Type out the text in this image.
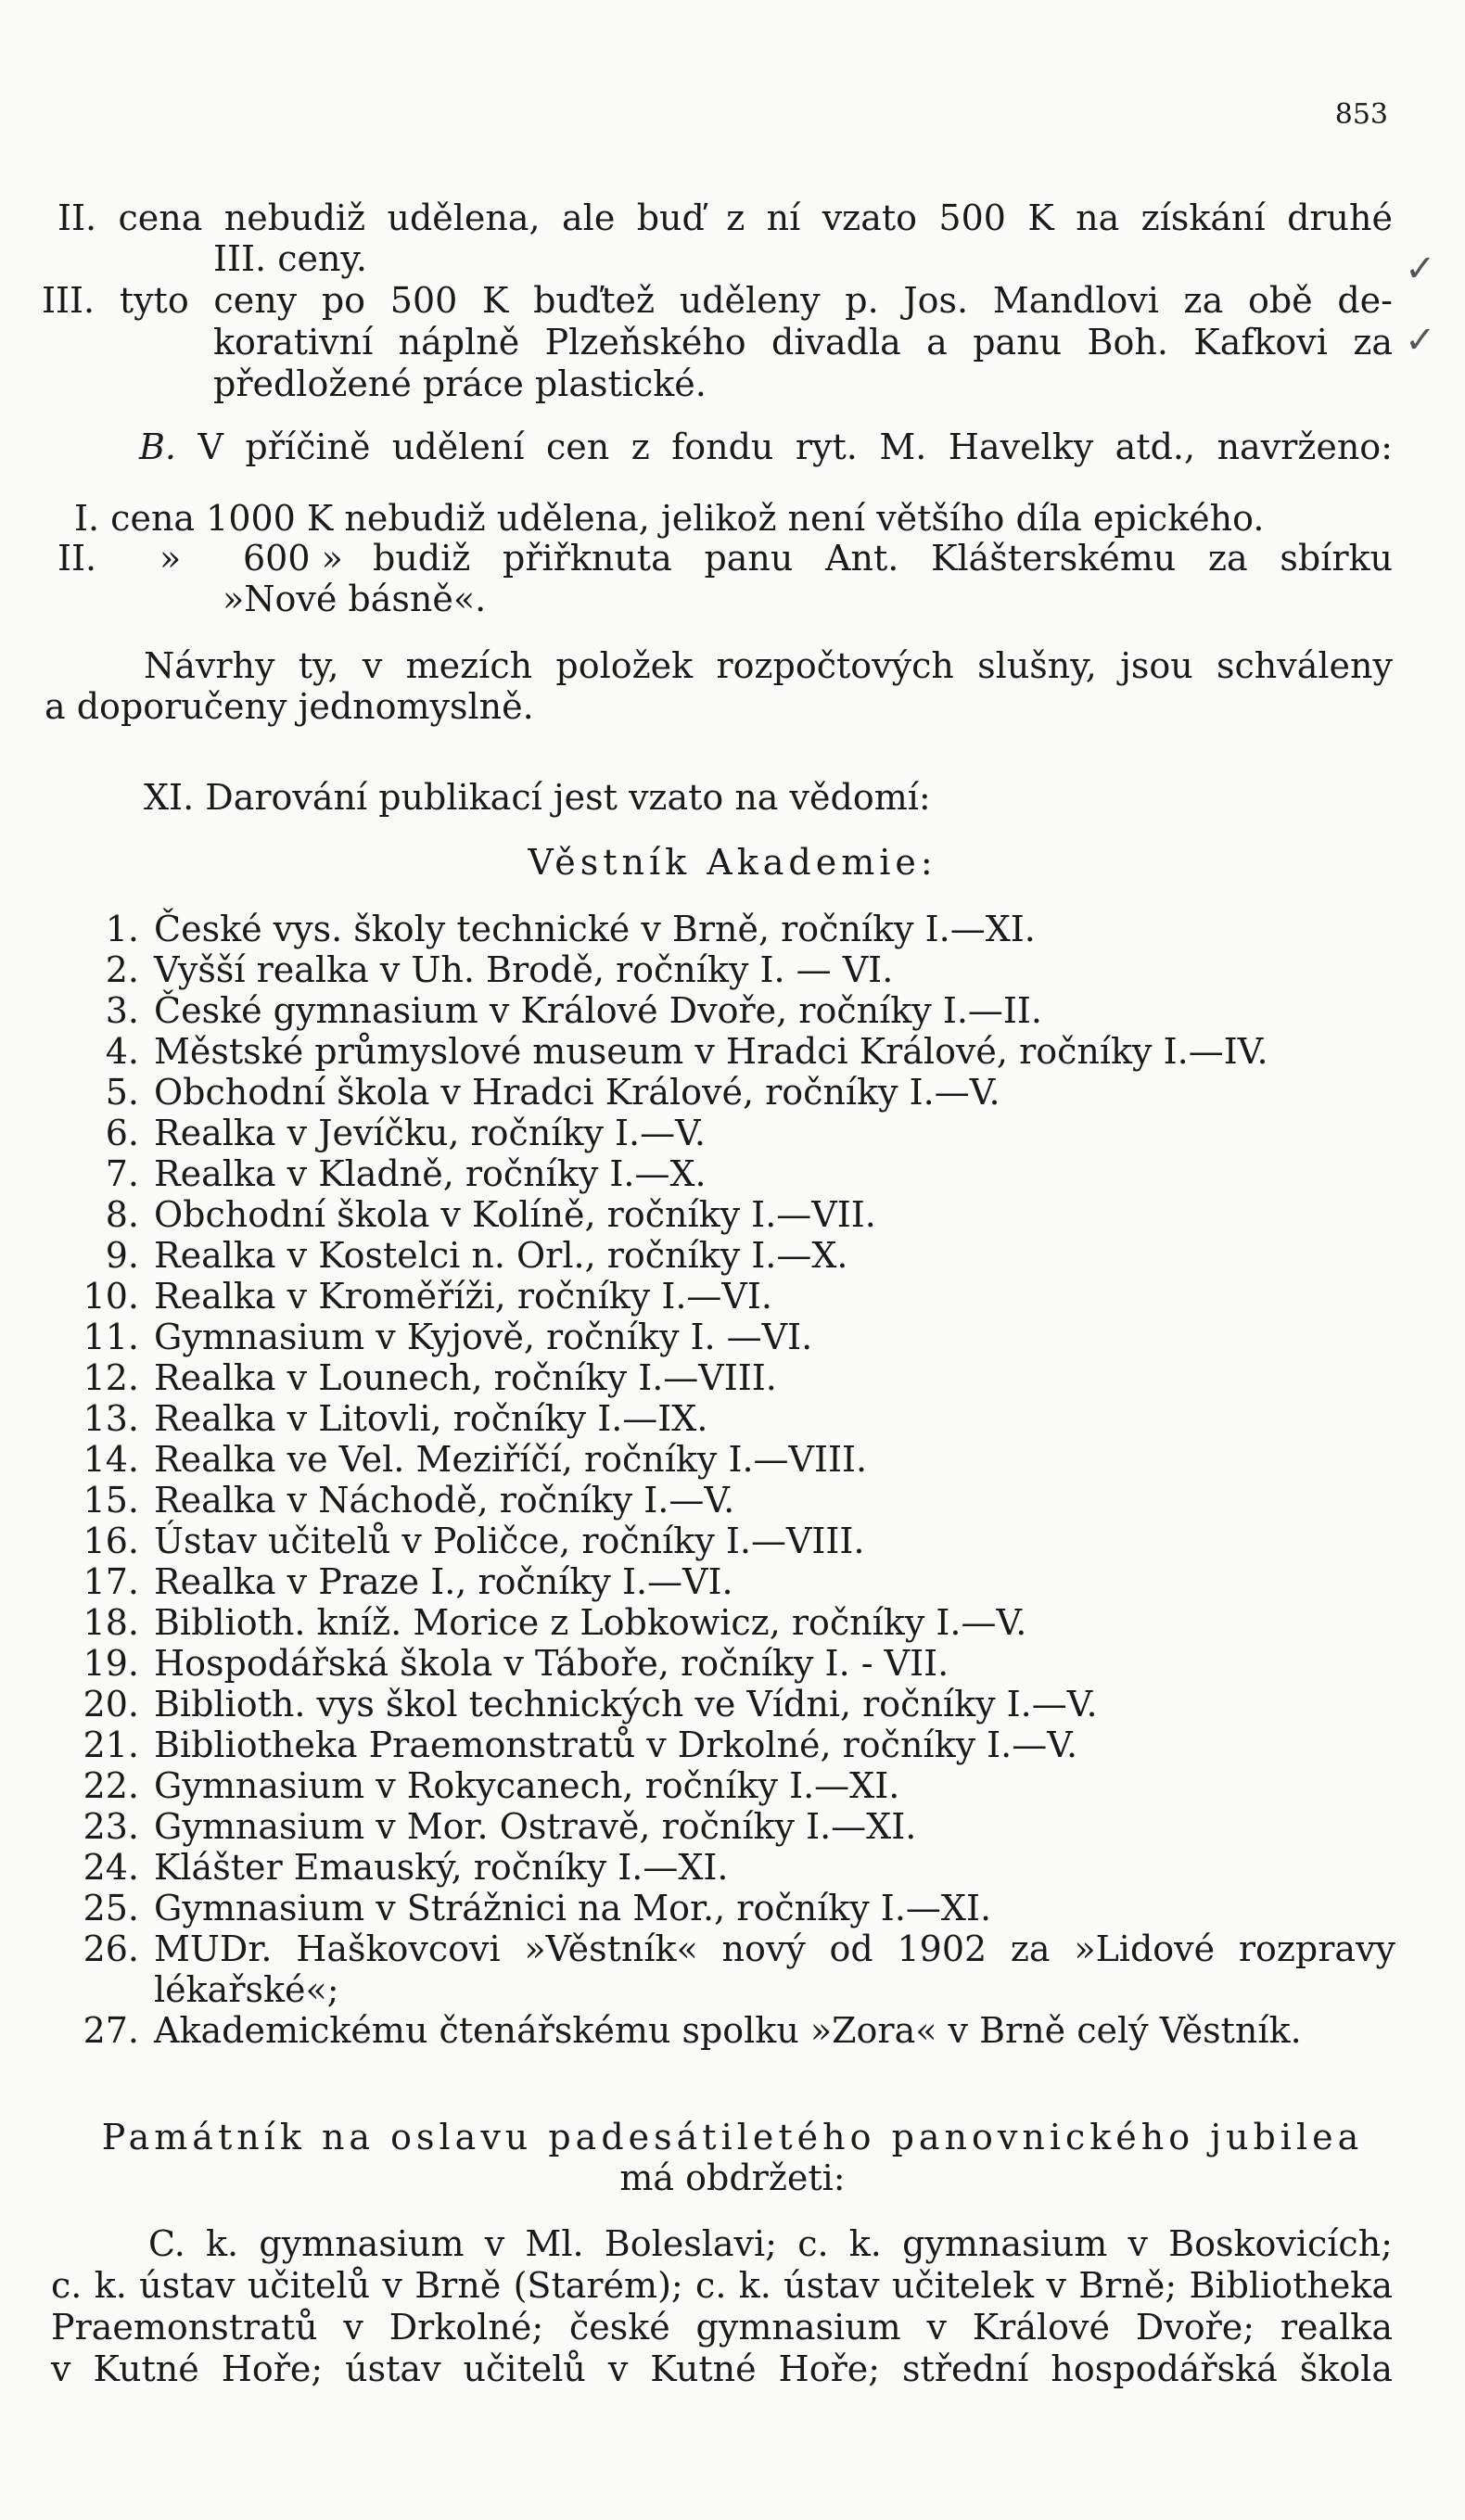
853
✓
✓
II. cena nebudiž udělena, ale buď z ní vzato 500 K na získání druhé
III. ceny.
III. tyto ceny po 500 K buďtež uděleny p. Jos. Mandlovi za obě de-
korativní náplně Plzeňského divadla a panu Boh. Kafkovi za
předložené práce plastické.
B. V příčině udělení cen z fondu ryt. M. Havelky atd., navrženo:
I. cena 1000 K nebudiž udělena, jelikož není většího díla epického.
II. » 600 » budiž přiřknuta panu Ant. Klášterskému za sbírku
»Nové básně«.
Návrhy ty, v mezích položek rozpočtových slušny, jsou schváleny
a doporučeny jednomyslně.
XI. Darování publikací jest vzato na vědomí:
Věstník Akademie:
1. České vys. školy technické v Brně, ročníky I.—XI.
2. Vyšší realka v Uh. Brodě, ročníky I. — VI.
3. České gymnasium v Králové Dvoře, ročníky I.—II.
4. Městské průmyslové museum v Hradci Králové, ročníky I.—IV.
5. Obchodní škola v Hradci Králové, ročníky I.—V.
6. Realka v Jevíčku, ročníky I.—V.
7. Realka v Kladně, ročníky I.—X.
8. Obchodní škola v Kolíně, ročníky I.—VII.
9. Realka v Kostelci n. Orl., ročníky I.—X.
10. Realka v Kroměříži, ročníky I.—VI.
11. Gymnasium v Kyjově, ročníky I. —VI.
12. Realka v Lounech, ročníky I.—VIII.
13. Realka v Litovli, ročníky I.—IX.
14. Realka ve Vel. Meziříčí, ročníky I.—VIII.
15. Realka v Náchodě, ročníky I.—V.
16. Ústav učitelů v Poličce, ročníky I.—VIII.
17. Realka v Praze I., ročníky I.—VI.
18. Biblioth. kníž. Morice z Lobkowicz, ročníky I.—V.
19. Hospodářská škola v Táboře, ročníky I. - VII.
20. Biblioth. vys škol technických ve Vídni, ročníky I.—V.
21. Bibliotheka Praemonstratů v Drkolné, ročníky I.—V.
22. Gymnasium v Rokycanech, ročníky I.—XI.
23. Gymnasium v Mor. Ostravě, ročníky I.—XI.
24. Klášter Emauský, ročníky I.—XI.
25. Gymnasium v Strážnici na Mor., ročníky I.—XI.
26. MUDr. Haškovcovi »Věstník« nový od 1902 za »Lidové rozpravy
lékařské«;
27. Akademickému čtenářskému spolku »Zora« v Brně celý Věstník.
Památník na oslavu padesátiletého panovnického jubilea
má obdržeti:
C. k. gymnasium v Ml. Boleslavi; c. k. gymnasium v Boskovicích;
c. k. ústav učitelů v Brně (Starém); c. k. ústav učitelek v Brně; Bibliotheka
Praemonstratů v Drkolné; české gymnasium v Králové Dvoře; realka
v Kutné Hoře; ústav učitelů v Kutné Hoře; střední hospodářská škola
